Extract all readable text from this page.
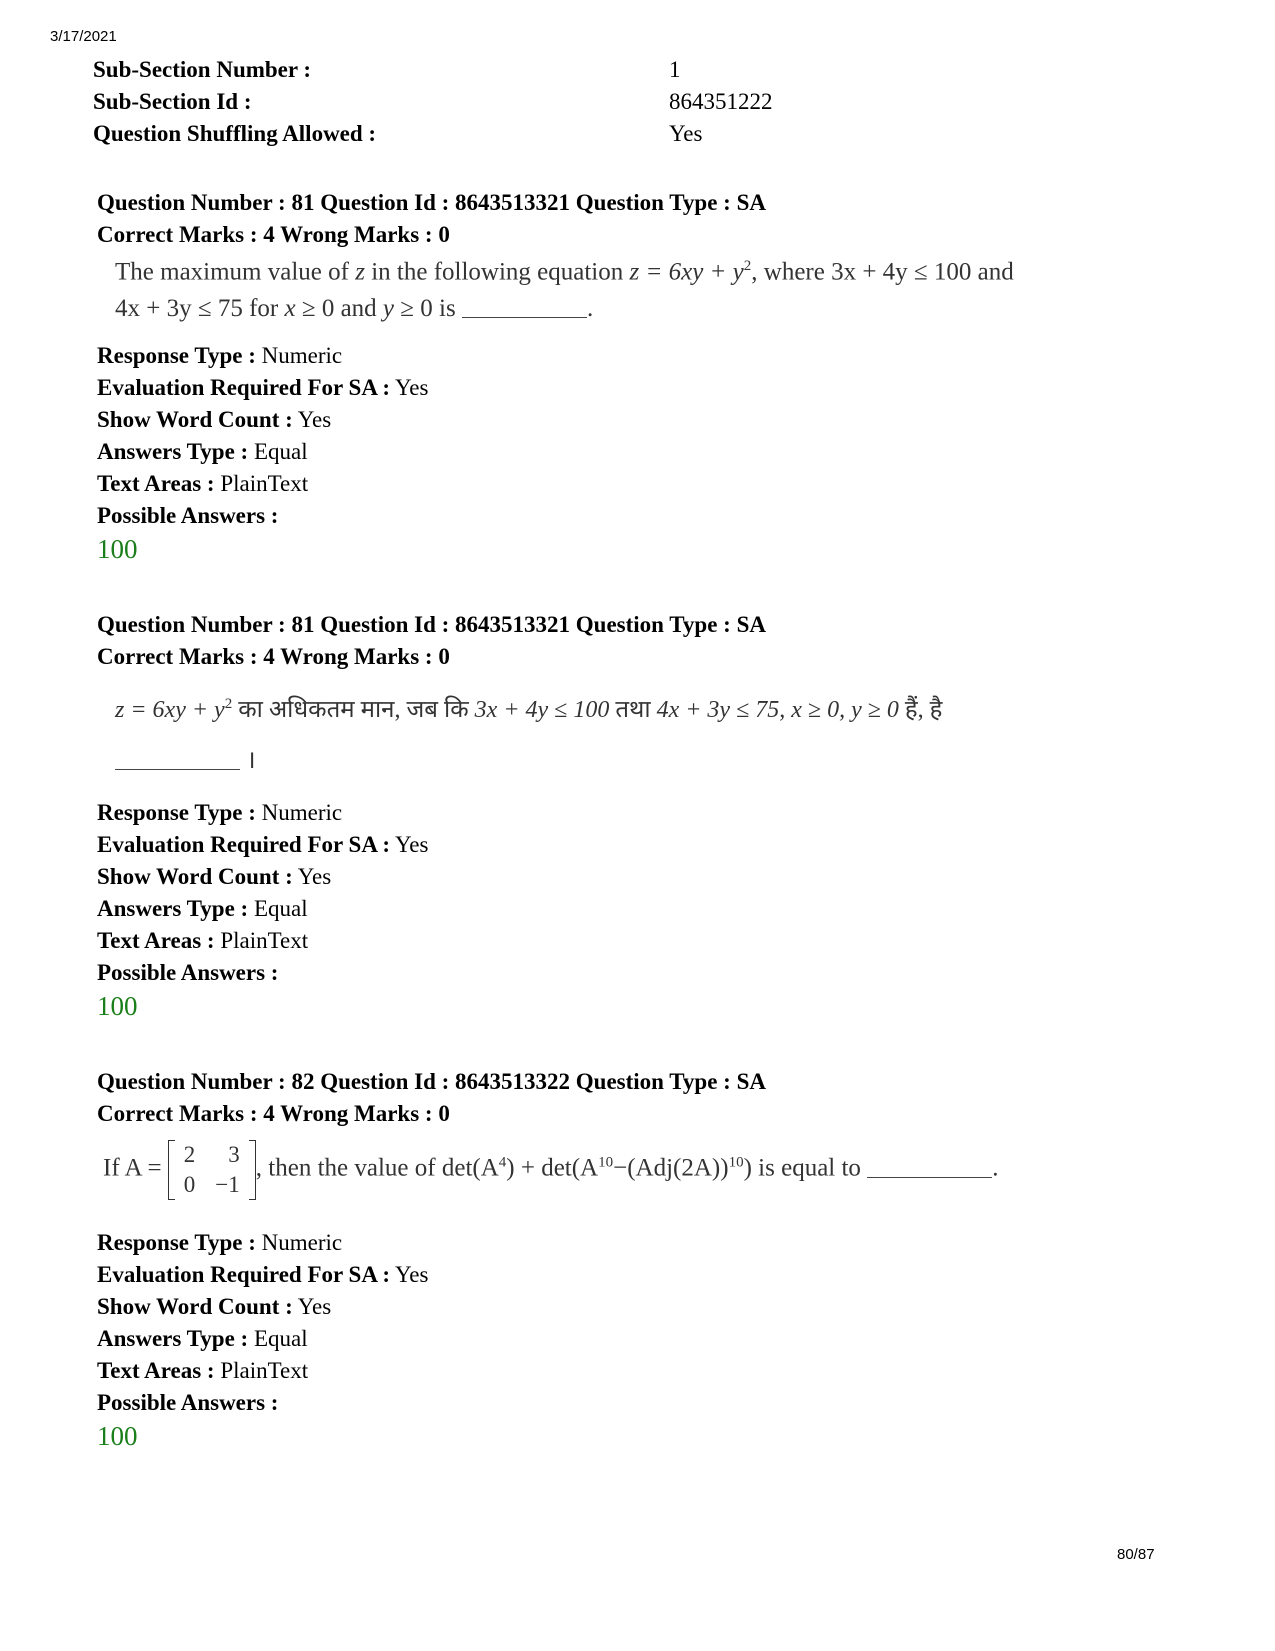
3/17/2021
80/87
Sub-Section Number :	1
Sub-Section Id :	864351222
Question Shuffling Allowed :	Yes
Question Number : 81 Question Id : 8643513321 Question Type : SA
Correct Marks : 4 Wrong Marks : 0
The maximum value of z in the following equation $z = 6xy + y^2$, where 3x + 4y ≤ 100 and
4x + 3y ≤ 75 for x ≥ 0 and y ≥ 0 is	.
Response Type : Numeric
Evaluation Required For SA : Yes
Show Word Count : Yes
Answers Type : Equal
Text Areas : PlainText
Possible Answers :
100
Question Number : 81 Question Id : 8643513321 Question Type : SA
Correct Marks : 4 Wrong Marks : 0
$z = 6xy + y^2$ का अधिकतम मान, जब कि 3x + 4y ≤ 100 तथा 4x + 3y ≤ 75, x ≥ 0, y ≥ 0 हैं, है
।
Response Type : Numeric
Evaluation Required For SA : Yes
Show Word Count : Yes
Answers Type : Equal
Text Areas : PlainText
Possible Answers :
100
Question Number : 82 Question Id : 8643513322 Question Type : SA
Correct Marks : 4 Wrong Marks : 0
If A =
2	3
0	−1
, then the value of $\det(A^4) + \det(A^{10}-(Adj(2A))^{10})$ is equal to	.
Response Type : Numeric
Evaluation Required For SA : Yes
Show Word Count : Yes
Answers Type : Equal
Text Areas : PlainText
Possible Answers :
100
